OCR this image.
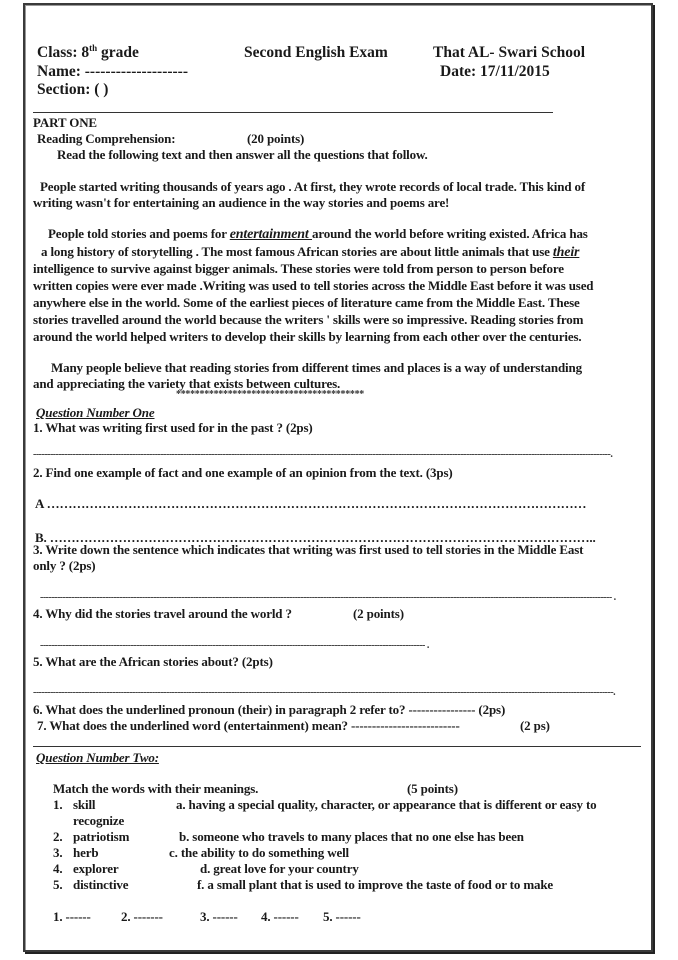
Class: 8th grade	Second English Exam	That AL- Swari School
Name: --------------------	Date: 17/11/2015
Section: ( )
PART ONE
Reading Comprehension:	(20 points)
Read the following text and then answer all the questions that follow.
People started writing thousands of years ago . At first, they wrote records of local trade. This kind of
writing wasn't for entertaining an audience in the way stories and poems are!
People told stories and poems for entertainment around the world before writing existed. Africa has
a long history of storytelling . The most famous African stories are about little animals that use their
intelligence to survive against bigger animals. These stories were told from person to person before
written copies were ever made .Writing was used to tell stories across the Middle East before it was used
anywhere else in the world. Some of the earliest pieces of literature came from the Middle East. These
stories travelled around the world because the writers ' skills were so impressive. Reading stories from
around the world helped writers to develop their skills by learning from each other over the centuries.
Many people believe that reading stories from different times and places is a way of understanding
and appreciating the variety that exists between cultures.
****************************************
Question Number One
1. What was writing first used for in the past ? (2ps)
------------------------------------------------------------------------------------------------------------------------------------------------------------------------------------------------------------.
2. Find one example of fact and one example of an opinion from the text. (3ps)
A ………………………………………………………………………………………………………………
B. ………………………………………………………………………………………………………………..
3. Write down the sentence which indicates that writing was first used to tell stories in the Middle East
only ? (2ps)
---------------------------------------------------------------------------------------------------------------------------------------------------------------------------------------------------------- .
4. Why did the stories travel around the world ?	(2 points)
---------------------------------------------------------------------------------------------------------------------------------------- .
5. What are the African stories about? (2pts)
-------------------------------------------------------------------------------------------------------------------------------------------------------------------------------------------------------------.
6. What does the underlined pronoun (their) in paragraph 2 refer to? ---------------- (2ps)
7. What does the underlined word (entertainment) mean? --------------------------	(2 ps)
Question Number Two:
Match the words with their meanings.	(5 points)
1. skill	a. having a special quality, character, or appearance that is different or easy to
recognize
2. patriotism	b. someone who travels to many places that no one else has been
3. herb	c. the ability to do something well
4. explorer	d. great love for your country
5. distinctive	f. a small plant that is used to improve the taste of food or to make
1. ------ 2. -------	3. ------ 4. ------ 5. ------
